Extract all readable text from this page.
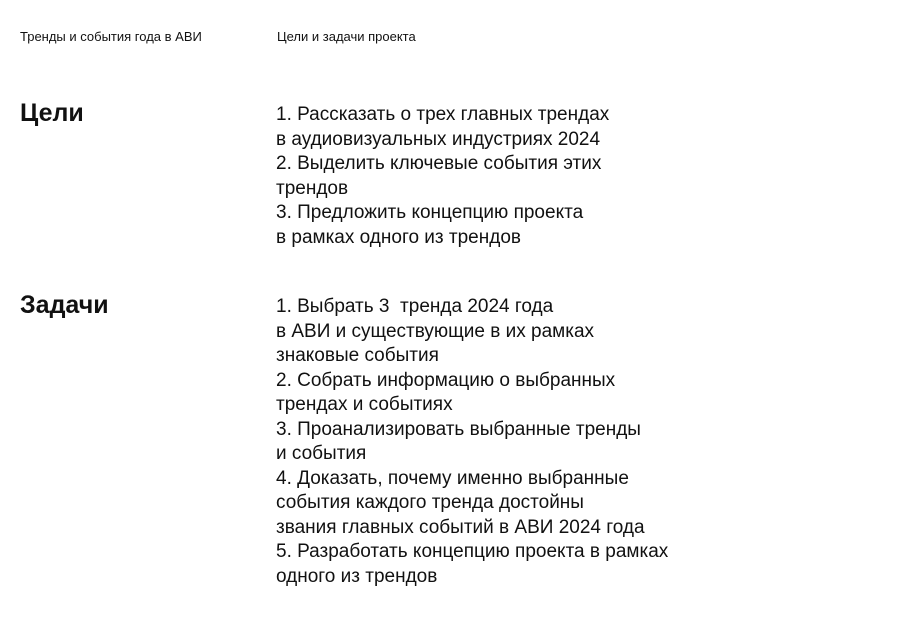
Тренды и события года в АВИ	Цели и задачи проекта
Цели	1. Рассказать о трех главных трендах
в аудиовизуальных индустриях 2024
2. Выделить ключевые события этих
трендов
3. Предложить концепцию проекта
в рамках одного из трендов
Задачи	1. Выбрать 3  тренда 2024 года
в АВИ и существующие в их рамках
знаковые события
2. Собрать информацию о выбранных
трендах и событиях
3. Проанализировать выбранные тренды
и события
4. Доказать, почему именно выбранные
события каждого тренда достойны
звания главных событий в АВИ 2024 года
5. Разработать концепцию проекта в рамках
одного из трендов
